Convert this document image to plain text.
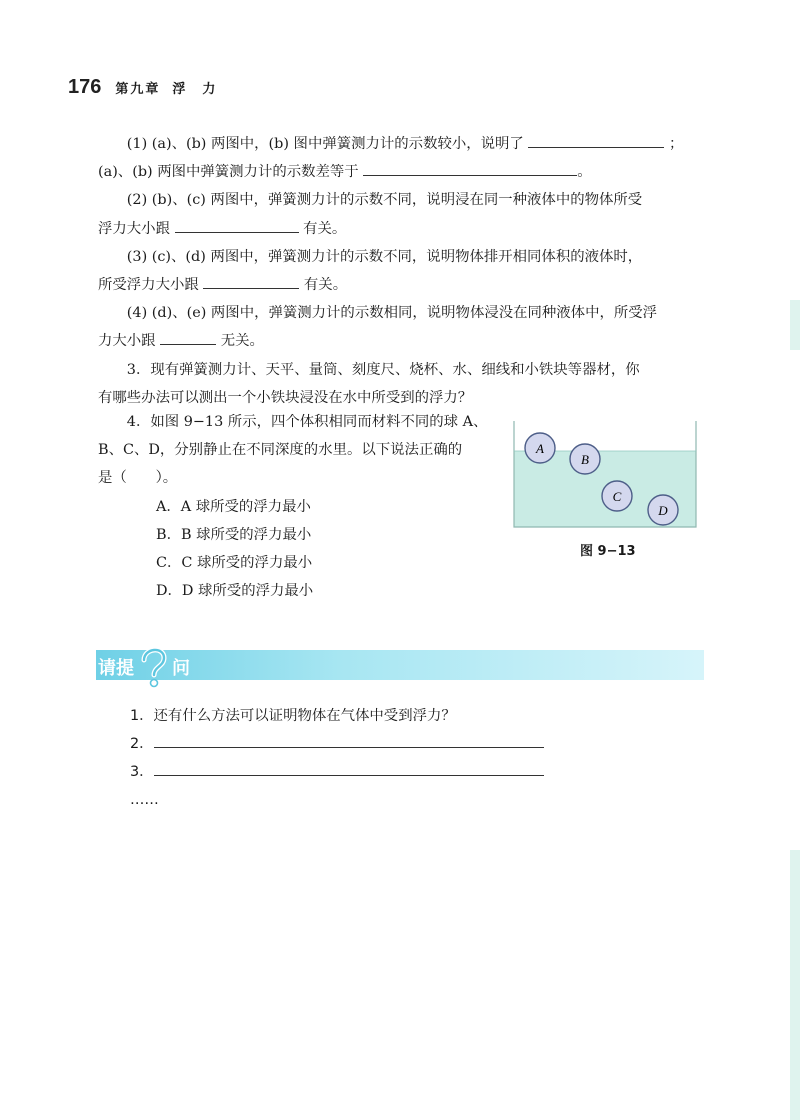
176 第九章 浮　力

(1) (a)、(b) 两图中，(b) 图中弹簧测力计的示数较小，说明了	；

(a)、(b) 两图中弹簧测力计的示数差等于	。

(2) (b)、(c) 两图中，弹簧测力计的示数不同，说明浸在同一种液体中的物体所受

浮力大小跟	有关。

(3) (c)、(d) 两图中，弹簧测力计的示数不同，说明物体排开相同体积的液体时，

所受浮力大小跟	有关。

(4) (d)、(e) 两图中，弹簧测力计的示数相同，说明物体浸没在同种液体中，所受浮

力大小跟	无关。

3．现有弹簧测力计、天平、量筒、刻度尺、烧杯、水、细线和小铁块等器材，你

有哪些办法可以测出一个小铁块浸没在水中所受到的浮力？

4．如图 9−13 所示，四个体积相同而材料不同的球 A、

B、C、D，分别静止在不同深度的水里。以下说法正确的

是（　　）。

A．A 球所受的浮力最小

B．B 球所受的浮力最小

C．C 球所受的浮力最小

D．D 球所受的浮力最小

A
B
C
D
图 9−13
请提 问

1．还有什么方法可以证明物体在气体中受到浮力？

2．

3．

……
